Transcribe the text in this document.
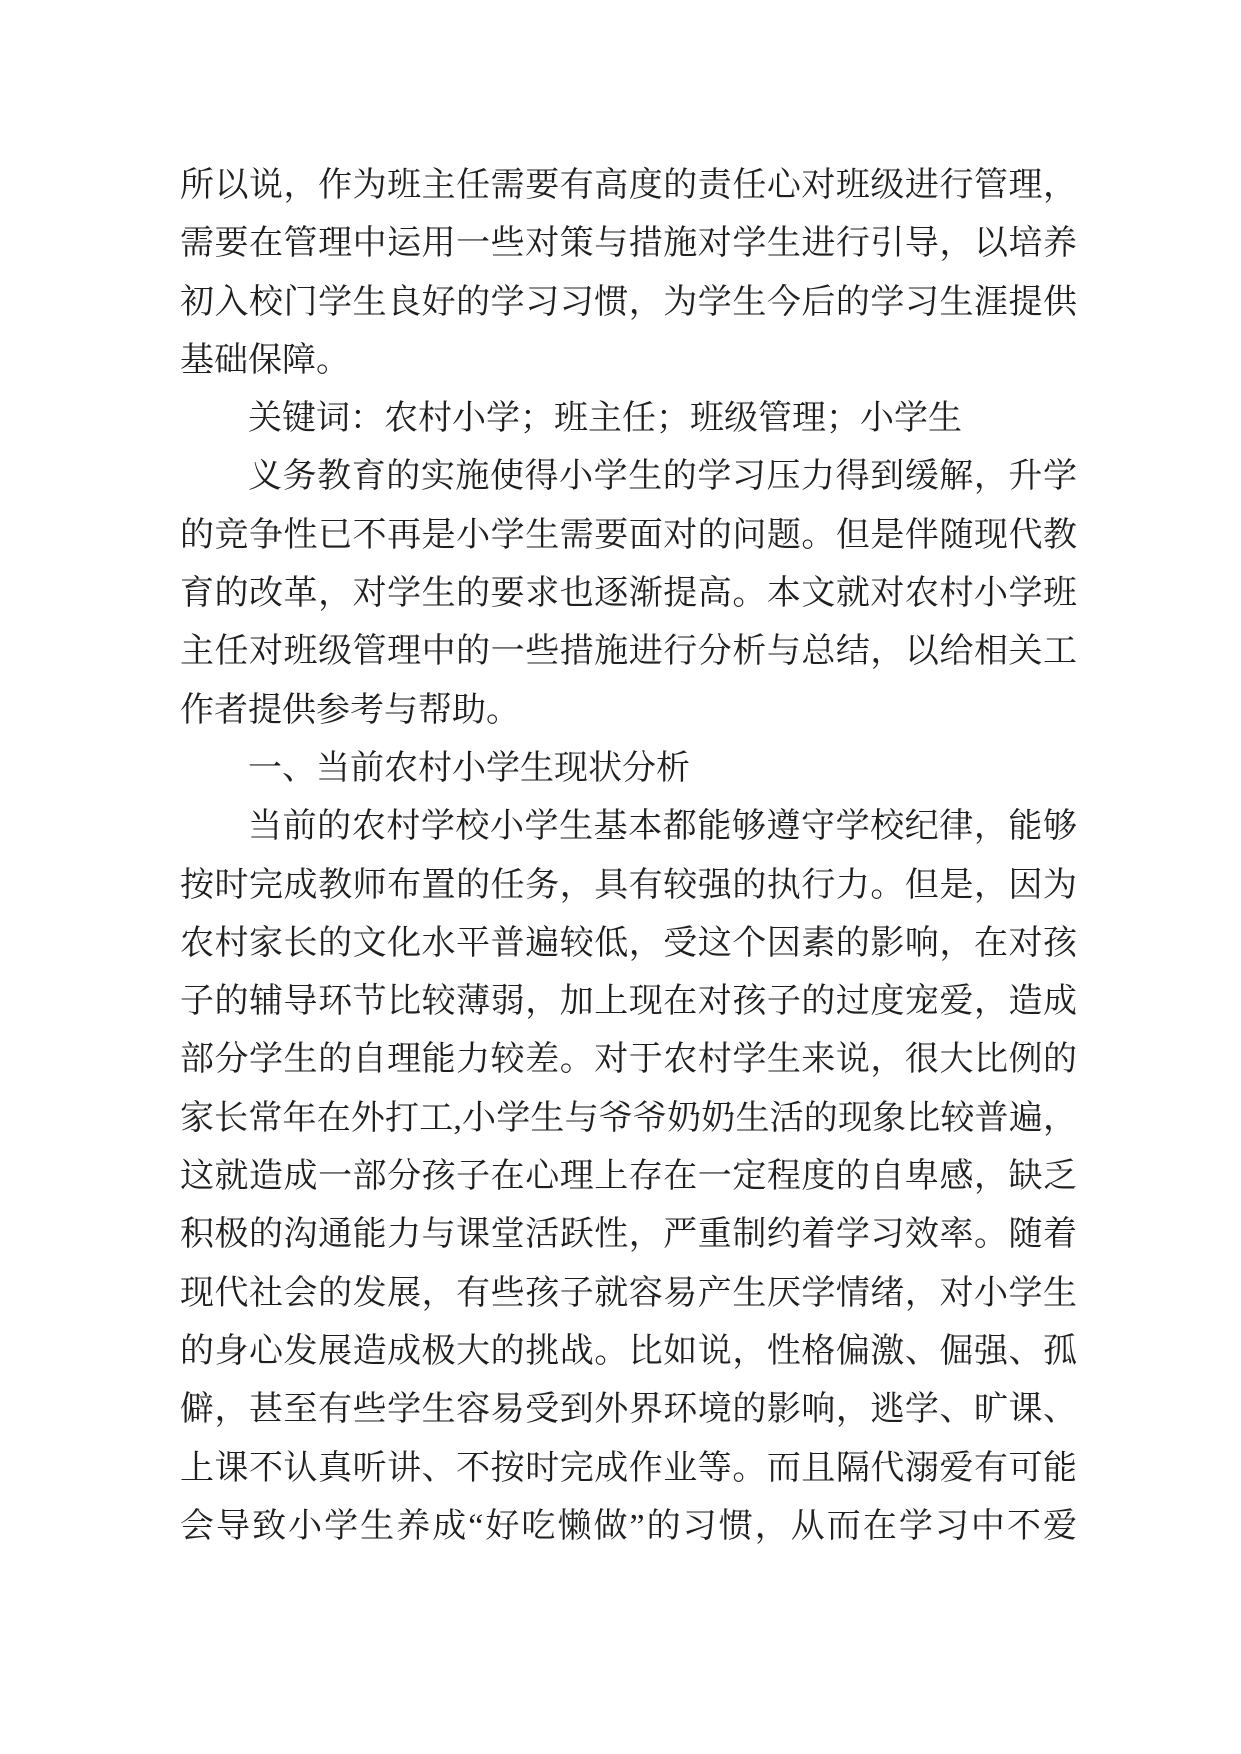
所以说，作为班主任需要有高度的责任心对班级进行管理，
需要在管理中运用一些对策与措施对学生进行引导，以培养
初入校门学生良好的学习习惯，为学生今后的学习生涯提供
基础保障。
关键词：农村小学；班主任；班级管理；小学生
义务教育的实施使得小学生的学习压力得到缓解，升学
的竞争性已不再是小学生需要面对的问题。但是伴随现代教
育的改革，对学生的要求也逐渐提高。本文就对农村小学班
主任对班级管理中的一些措施进行分析与总结，以给相关工
作者提供参考与帮助。
一、当前农村小学生现状分析
当前的农村学校小学生基本都能够遵守学校纪律，能够
按时完成教师布置的任务，具有较强的执行力。但是，因为
农村家长的文化水平普遍较低，受这个因素的影响，在对孩
子的辅导环节比较薄弱，加上现在对孩子的过度宠爱，造成
部分学生的自理能力较差。对于农村学生来说，很大比例的
家长常年在外打工,小学生与爷爷奶奶生活的现象比较普遍，
这就造成一部分孩子在心理上存在一定程度的自卑感，缺乏
积极的沟通能力与课堂活跃性，严重制约着学习效率。随着
现代社会的发展，有些孩子就容易产生厌学情绪，对小学生
的身心发展造成极大的挑战。比如说，性格偏激、倔强、孤
僻，甚至有些学生容易受到外界环境的影响，逃学、旷课、
上课不认真听讲、不按时完成作业等。而且隔代溺爱有可能
会导致小学生养成“好吃懒做”的习惯，从而在学习中不爱
